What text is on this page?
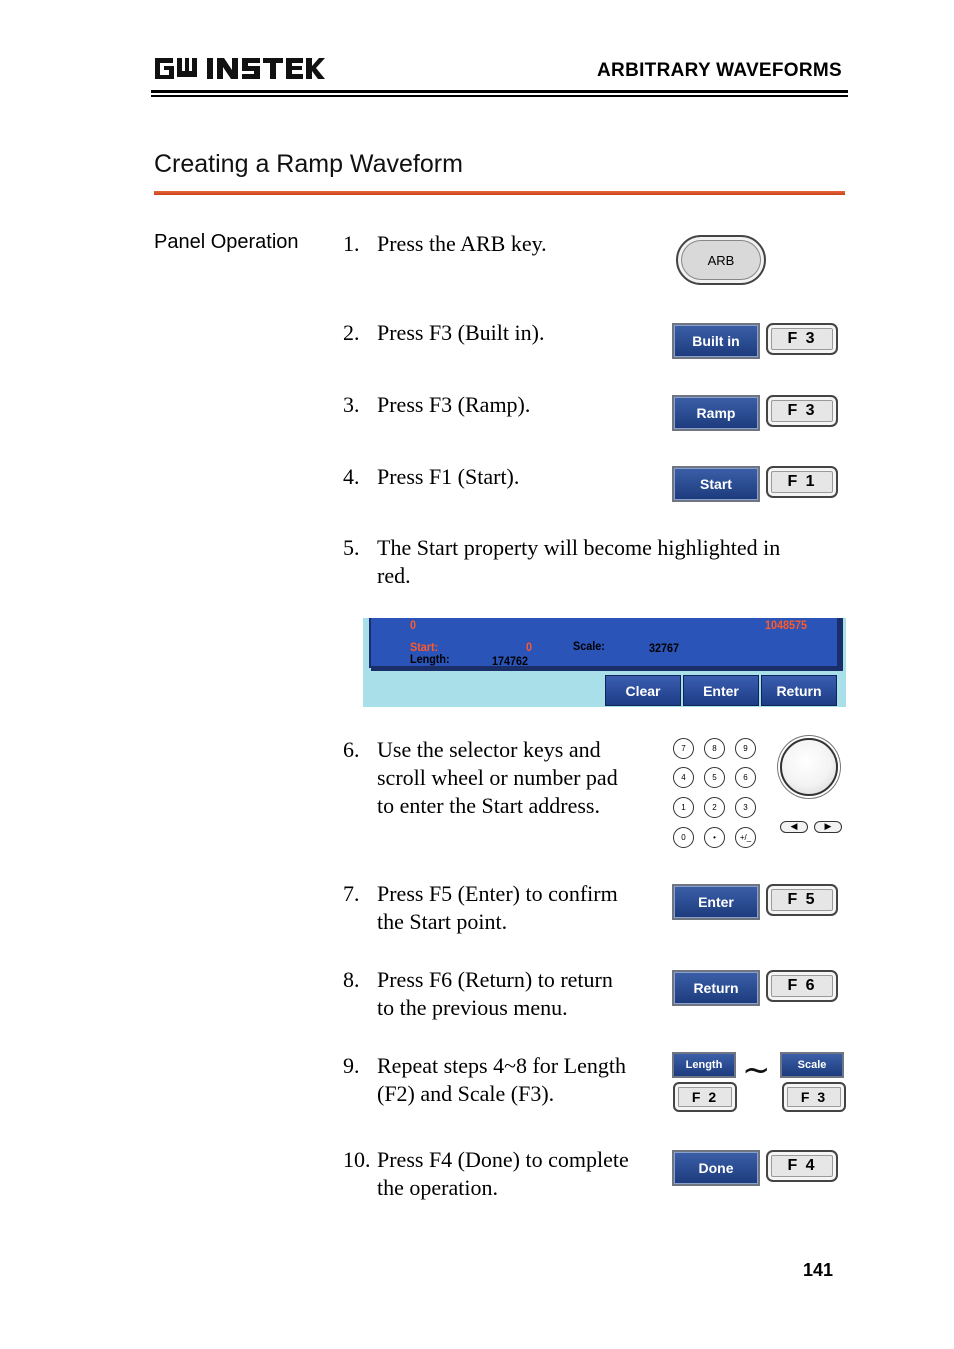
ARBITRARY WAVEFORMS
Creating a Ramp Waveform
Panel Operation 1. Press the ARB key.
ARB
2. Press F3 (Built in).	Built in	F 3
3. Press F3 (Ramp).	Ramp	F 3
4. Press F1 (Start).	Start	F 1
5. The Start property will become highlighted in
red.
0	1048575
Start:	0
Length:	174762
Scale:	32767
Clear	Enter	Return
6. Use the selector keys and
scroll wheel or number pad
to enter the Start address.
7	8	9
4	5	6
1	2	3
0	•	+/_
◀	▶
7. Press F5 (Enter) to confirm
the Start point.
Enter	F 5
8. Press F6 (Return) to return
to the previous menu.
Return	F 6
9. Repeat steps 4~8 for Length
(F2) and Scale (F3).
Length
F 2
~	Scale
F 3
10. Press F4 (Done) to complete
the operation.
Done	F 4
141
